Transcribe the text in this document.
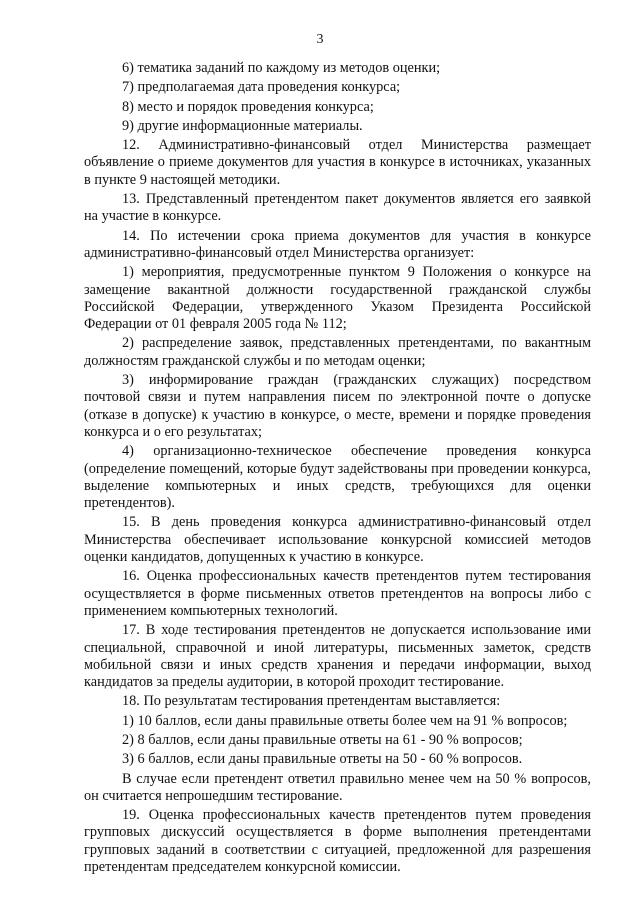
3

6) тематика заданий по каждому из методов оценки;

7) предполагаемая дата проведения конкурса;

8) место и порядок проведения конкурса;

9) другие информационные материалы.

12. Административно-финансовый отдел Министерства размещает объявление о приеме документов для участия в конкурсе в источниках, указанных в пункте 9 настоящей методики.

13. Представленный претендентом пакет документов является его заявкой на участие в конкурсе.

14. По истечении срока приема документов для участия в конкурсе административно-финансовый отдел Министерства организует:

1) мероприятия, предусмотренные пунктом 9 Положения о конкурсе на замещение вакантной должности государственной гражданской службы Российской Федерации, утвержденного Указом Президента Российской Федерации от 01 февраля 2005 года № 112;

2) распределение заявок, представленных претендентами, по вакантным должностям гражданской службы и по методам оценки;

3) информирование граждан (гражданских служащих) посредством почтовой связи и путем направления писем по электронной почте о допуске (отказе в допуске) к участию в конкурсе, о месте, времени и порядке проведения конкурса и о его результатах;

4) организационно-техническое обеспечение проведения конкурса (определение помещений, которые будут задействованы при проведении конкурса, выделение компьютерных и иных средств, требующихся для оценки претендентов).

15. В день проведения конкурса административно-финансовый отдел Министерства обеспечивает использование конкурсной комиссией методов оценки кандидатов, допущенных к участию в конкурсе.

16. Оценка профессиональных качеств претендентов путем тестирования осуществляется в форме письменных ответов претендентов на вопросы либо с применением компьютерных технологий.

17. В ходе тестирования претендентов не допускается использование ими специальной, справочной и иной литературы, письменных заметок, средств мобильной связи и иных средств хранения и передачи информации, выход кандидатов за пределы аудитории, в которой проходит тестирование.

18. По результатам тестирования претендентам выставляется:

1) 10 баллов, если даны правильные ответы более чем на 91 % вопросов;

2) 8 баллов, если даны правильные ответы на 61 - 90 % вопросов;

3) 6 баллов, если даны правильные ответы на 50 - 60 % вопросов.

В случае если претендент ответил правильно менее чем на 50 % вопросов, он считается непрошедшим тестирование.

19. Оценка профессиональных качеств претендентов путем проведения групповых дискуссий осуществляется в форме выполнения претендентами групповых заданий в соответствии с ситуацией, предложенной для разрешения претендентам председателем конкурсной комиссии.
